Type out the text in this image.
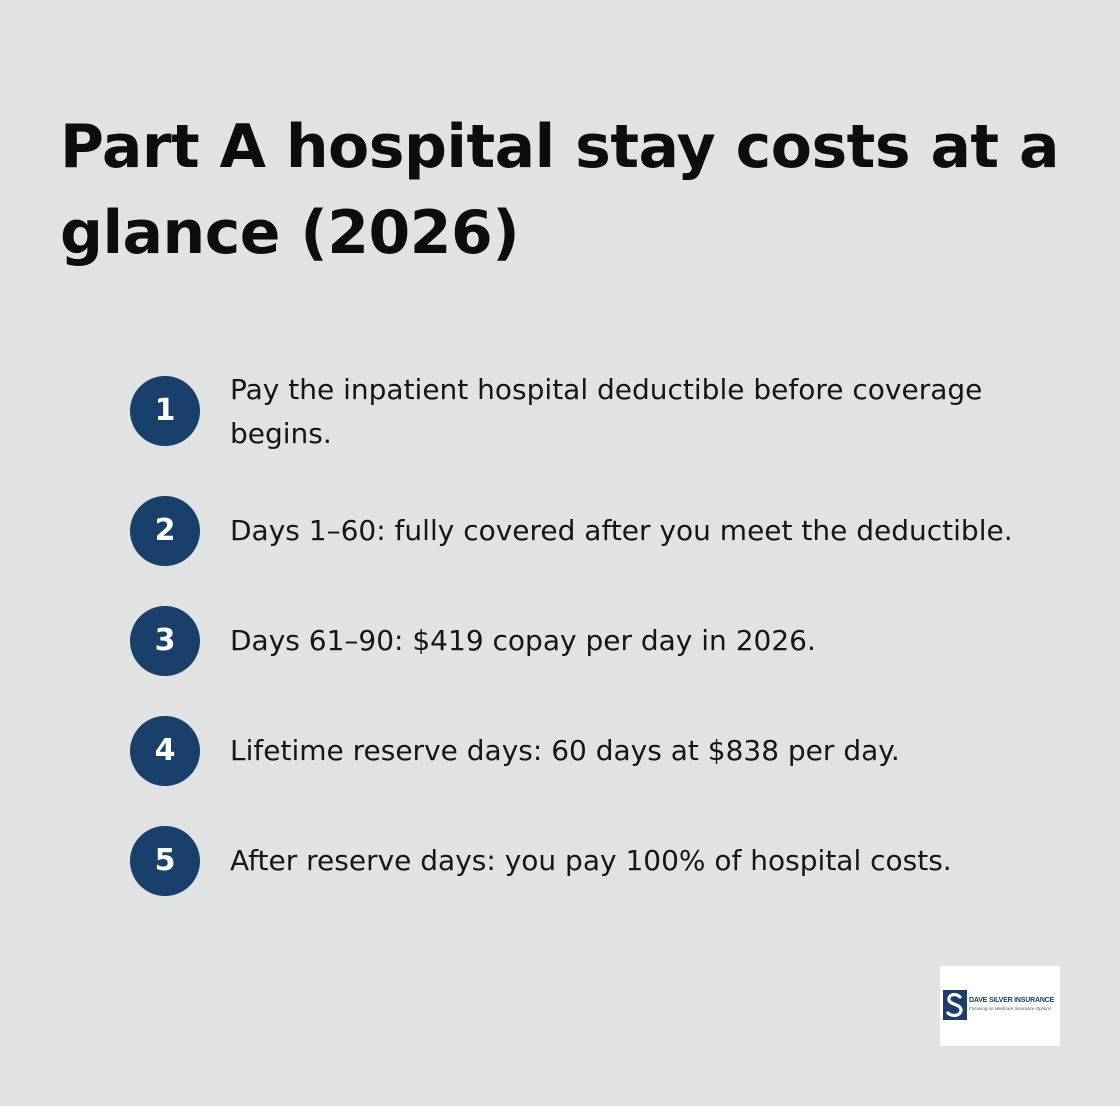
Part A hospital stay costs at a glance (2026)
1
Pay the inpatient hospital deductible before coverage begins.
2	Days 1–60: fully covered after you meet the deductible.
3	Days 61–90: $419 copay per day in 2026.
4	Lifetime reserve days: 60 days at $838 per day.
5	After reserve days: you pay 100% of hospital costs.
DAVE SILVER INSURANCE
Focusing on Medicare Insurance Options
